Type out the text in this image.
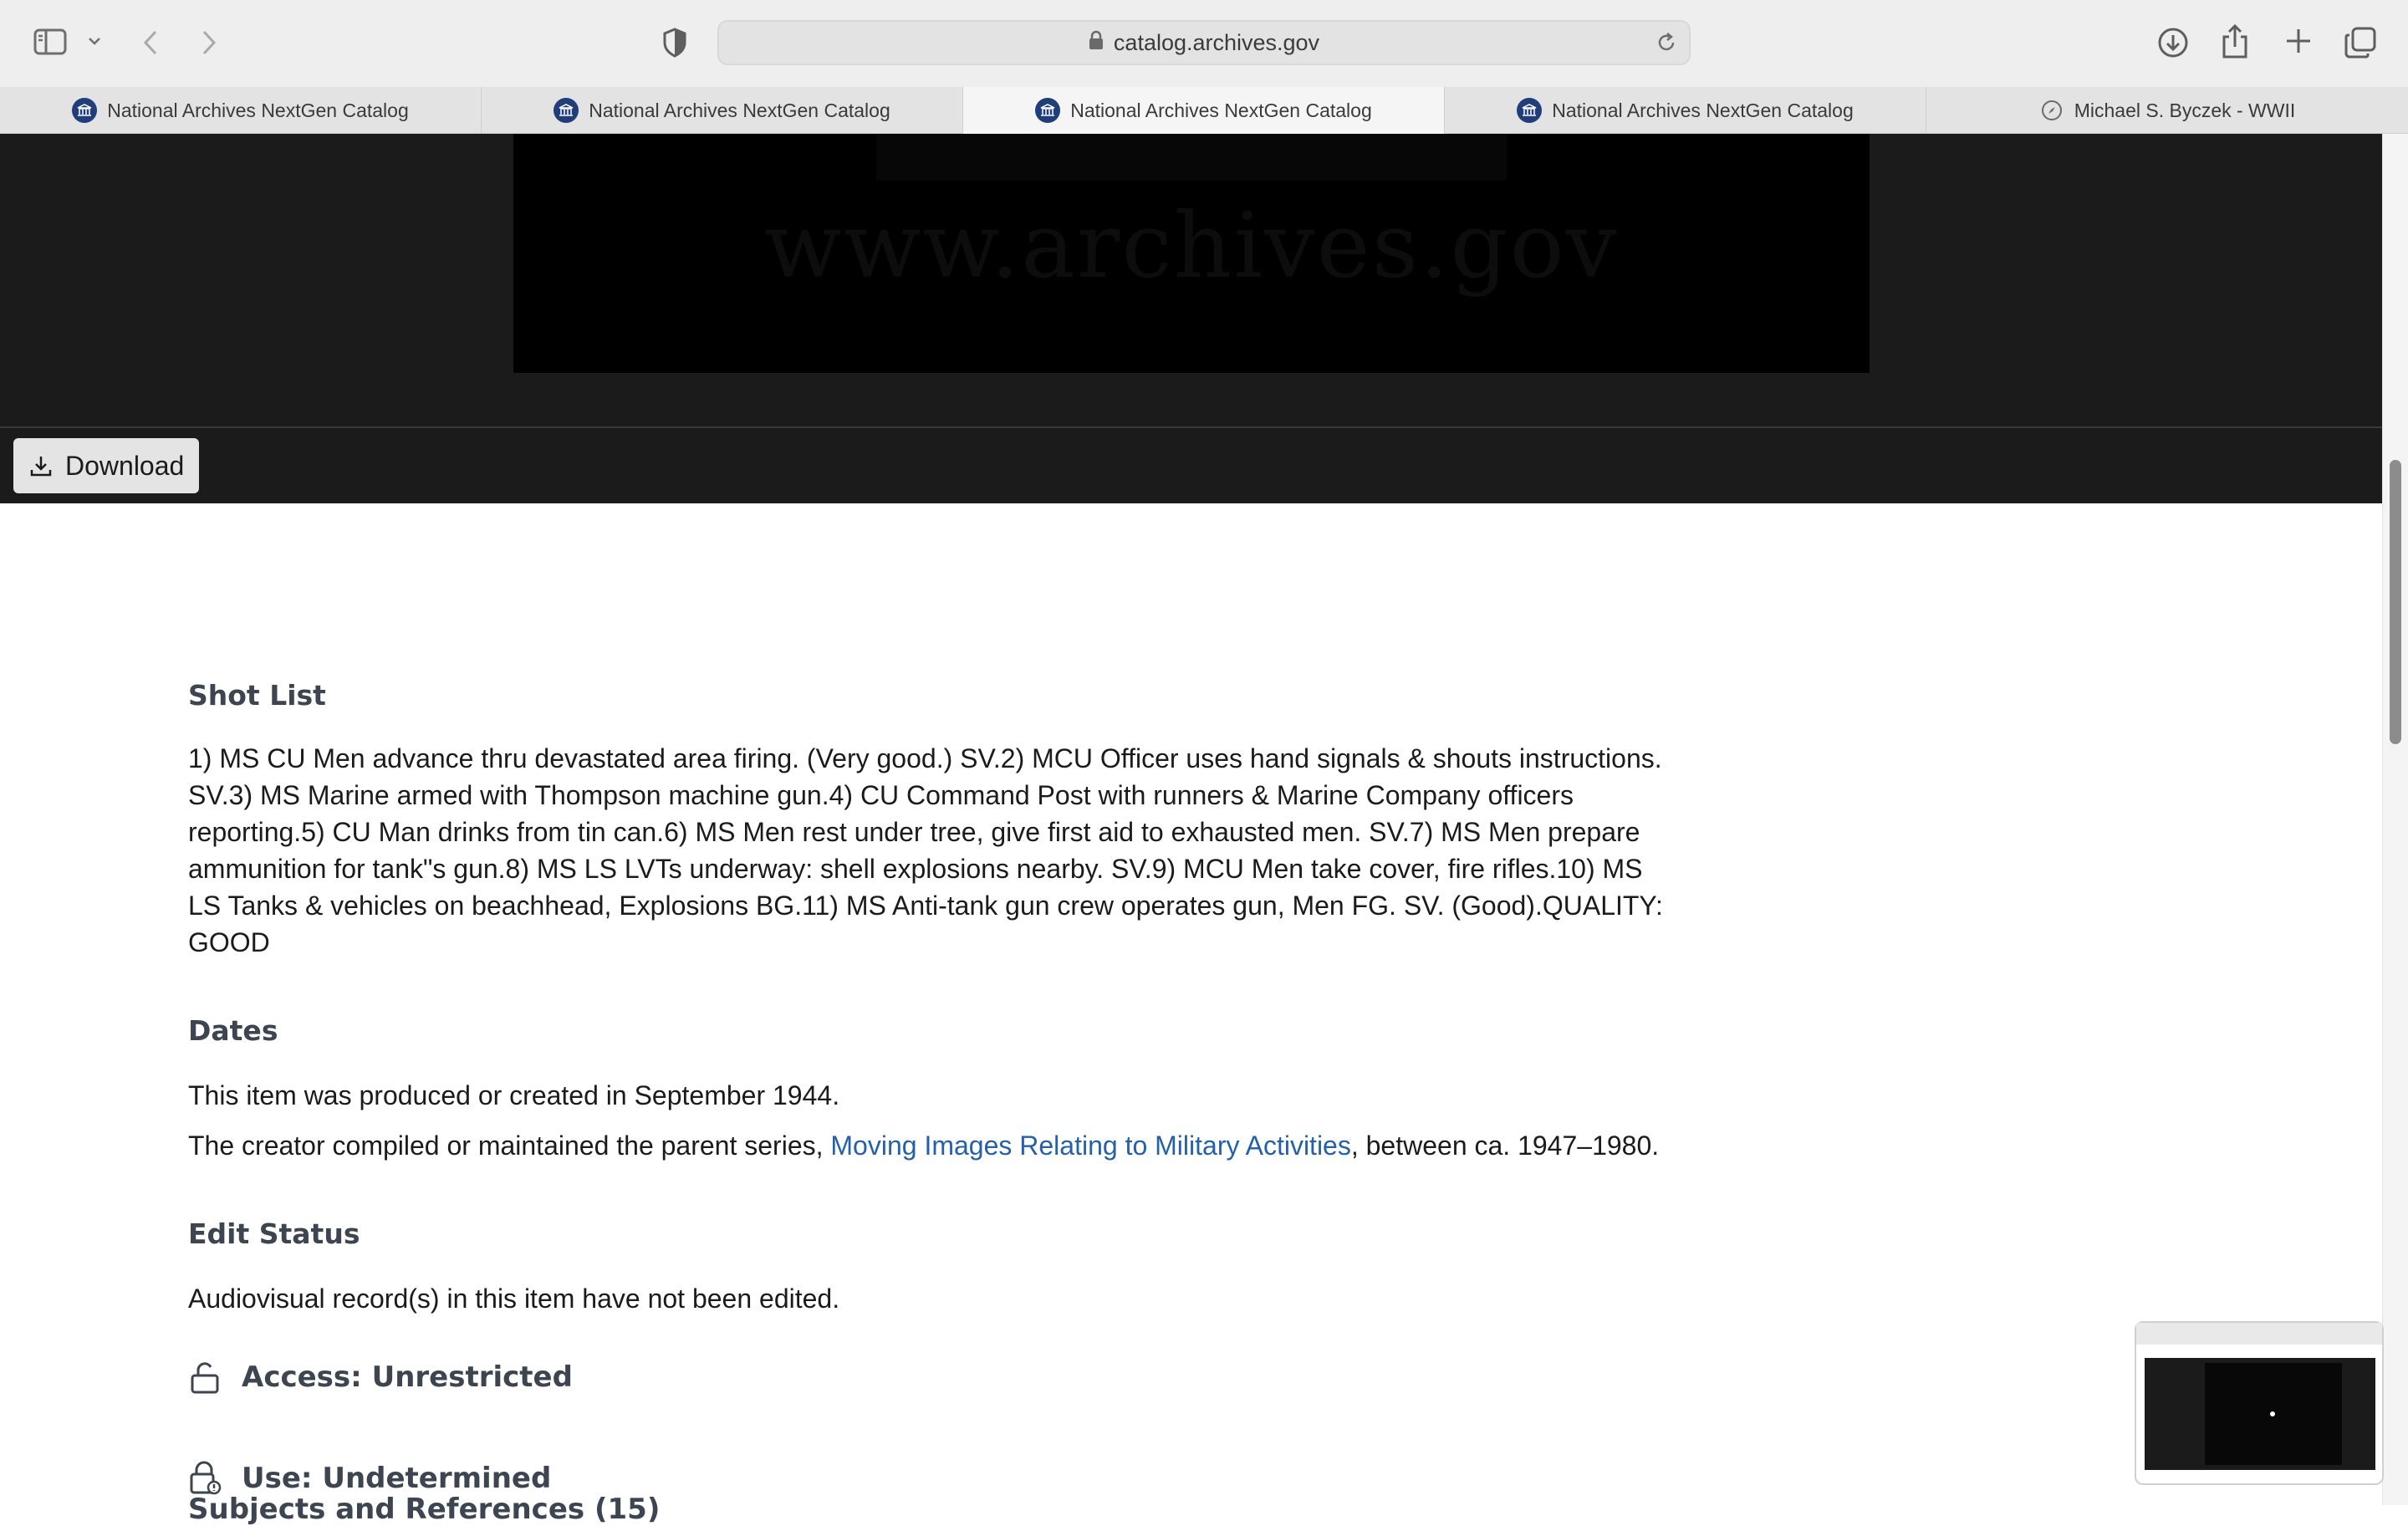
catalog.archives.gov
National Archives NextGen Catalog	National Archives NextGen Catalog	National Archives NextGen Catalog	National Archives NextGen Catalog	Michael S. Byczek - WWII
www.archives.gov
Download
Shot List

1) MS CU Men advance thru devastated area firing. (Very good.) SV.2) MCU Officer uses hand signals & shouts instructions. SV.3) MS Marine armed with Thompson machine gun.4) CU Command Post with runners & Marine Company officers reporting.5) CU Man drinks from tin can.6) MS Men rest under tree, give first aid to exhausted men. SV.7) MS Men prepare ammunition for tank"s gun.8) MS LS LVTs underway: shell explosions nearby. SV.9) MCU Men take cover, fire rifles.10) MS LS Tanks & vehicles on beachhead, Explosions BG.11) MS Anti-tank gun crew operates gun, Men FG. SV. (Good).QUALITY: GOOD

Dates

This item was produced or created in September 1944.

The creator compiled or maintained the parent series, Moving Images Relating to Military Activities, between ca. 1947–1980.

Edit Status

Audiovisual record(s) in this item have not been edited.

Access: Unrestricted
Use: Undetermined
Subjects and References (15)
